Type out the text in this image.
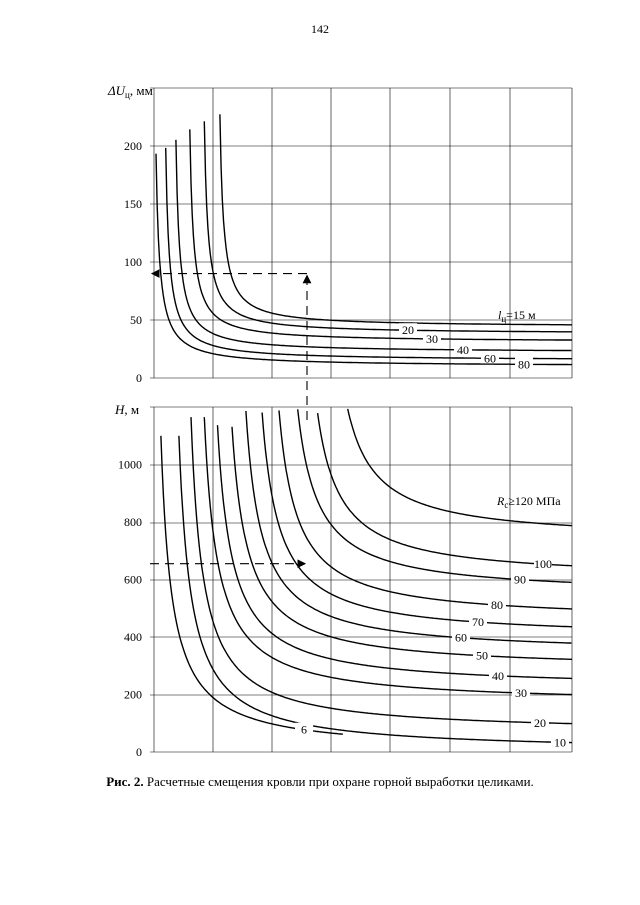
142
0
50
100
150
200
20
30
40
60 80
$\Delta U_ц$, мм
$l_ц=15$ м
0
200
400
600
800
1000
6
10
20
30
40
50
60
70
80
90
100
H, м
$R_с\ge 120$ МПа
Рис. 2. Расчетные смещения кровли при охране горной выработки целиками.
